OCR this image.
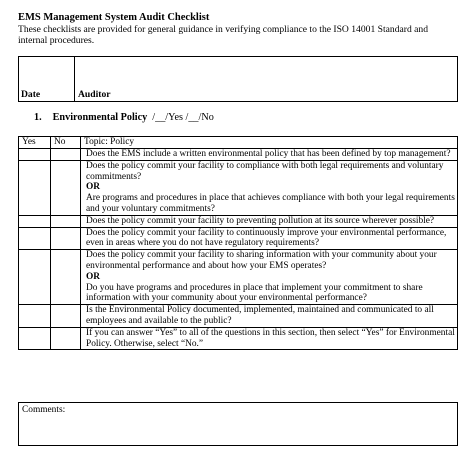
EMS Management System Audit Checklist
These checklists are provided for general guidance in verifying compliance to the ISO 14001 Standard and internal procedures.
Date	Auditor
1. Environmental Policy /__/Yes /__/No
Yes	No	Topic: Policy

		Does the EMS include a written environmental policy that has been defined by top management?

		Does the policy commit your facility to compliance with both legal requirements and voluntary commitments?
OR
Are programs and procedures in place that achieves compliance with both your legal requirements and your voluntary commitments?

		Does the policy commit your facility to preventing pollution at its source wherever possible?

		Does the policy commit your facility to continuously improve your environmental performance, even in areas where you do not have regulatory requirements?

		Does the policy commit your facility to sharing information with your community about your environmental performance and about how your EMS operates?
OR
Do you have programs and procedures in place that implement your commitment to share information with your community about your environmental performance?

		Is the Environmental Policy documented, implemented, maintained and communicated to all employees and available to the public?

		If you can answer “Yes” to all of the questions in this section, then select “Yes” for Environmental Policy. Otherwise, select “No.”
Comments:
